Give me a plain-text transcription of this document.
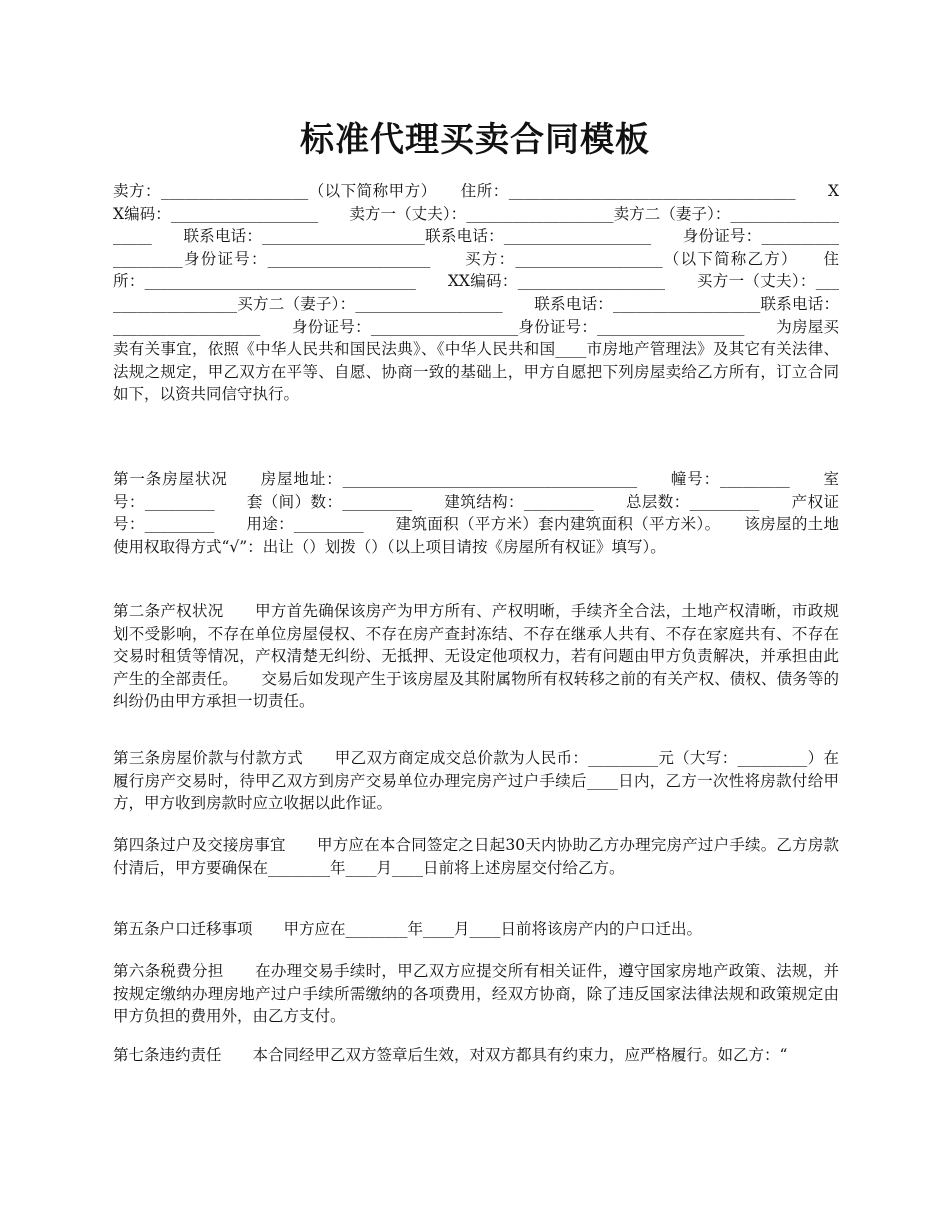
标准代理买卖合同模板

卖方：___________________（以下简称甲方）　　住所：_____________________________________　　XX编码：___________________　　卖方一（丈夫）：___________________卖方二（妻子）：___________________　　联系电话：_____________________联系电话：___________________　　身份证号：___________________身份证号：_____________________　　买方：___________________（以下简称乙方）　　住所：___________________________________　　XX编码：___________________　　买方一（丈夫）：___________________买方二（妻子）：___________________　　联系电话：___________________联系电话：___________________　　身份证号：___________________身份证号：___________________　　为房屋买卖有关事宜，依照《中华人民共和国民法典》、《中华人民共和国____市房地产管理法》及其它有关法律、法规之规定，甲乙双方在平等、自愿、协商一致的基础上，甲方自愿把下列房屋卖给乙方所有，订立合同如下，以资共同信守执行。

第一条房屋状况　　房屋地址：______________________________________　　幢号：_________　　室号：_________　　套（间）数：_________　　建筑结构：_________　　总层数：_________　　产权证号：_________　　用途：_________　　建筑面积（平方米）套内建筑面积（平方米）。　　该房屋的土地使用权取得方式“√”：出让（）划拨（）（以上项目请按《房屋所有权证》填写）。

第二条产权状况　　甲方首先确保该房产为甲方所有、产权明晰，手续齐全合法，土地产权清晰，市政规划不受影响，不存在单位房屋侵权、不存在房产查封冻结、不存在继承人共有、不存在家庭共有、不存在交易时租赁等情况，产权清楚无纠纷、无抵押、无设定他项权力，若有问题由甲方负责解决，并承担由此产生的全部责任。　　交易后如发现产生于该房屋及其附属物所有权转移之前的有关产权、债权、债务等的纠纷仍由甲方承担一切责任。

第三条房屋价款与付款方式　　甲乙双方商定成交总价款为人民币：_________元（大写：_________）在履行房产交易时，待甲乙双方到房产交易单位办理完房产过户手续后____日内，乙方一次性将房款付给甲方，甲方收到房款时应立收据以此作证。

第四条过户及交接房事宜　　甲方应在本合同签定之日起30天内协助乙方办理完房产过户手续。乙方房款付清后，甲方要确保在________年____月____日前将上述房屋交付给乙方。

第五条户口迁移事项　　甲方应在________年____月____日前将该房产内的户口迁出。

第六条税费分担　　在办理交易手续时，甲乙双方应提交所有相关证件，遵守国家房地产政策、法规，并按规定缴纳办理房地产过户手续所需缴纳的各项费用，经双方协商，除了违反国家法律法规和政策规定由甲方负担的费用外，由乙方支付。

第七条违约责任　　本合同经甲乙双方签章后生效，对双方都具有约束力，应严格履行。如乙方：“
